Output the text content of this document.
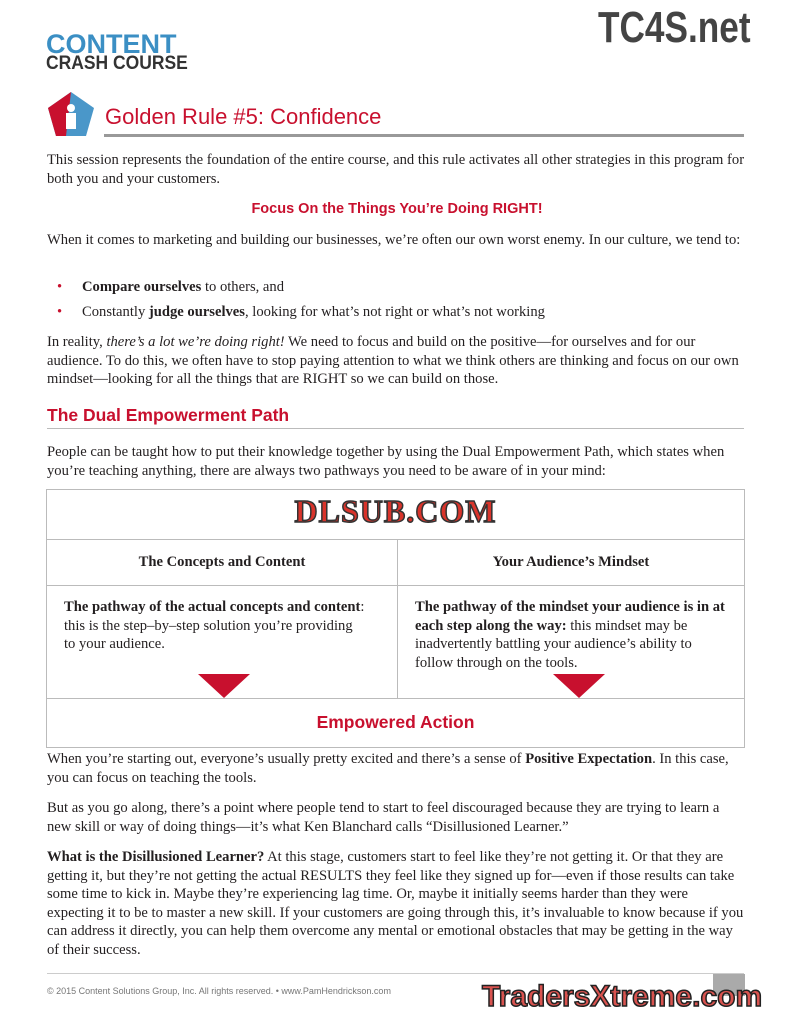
CONTENT
CRASH COURSE
TC4S.net
Golden Rule #5: Confidence

This session represents the foundation of the entire course, and this rule activates all other strategies in this program for both you and your customers.

Focus On the Things You’re Doing RIGHT!

When it comes to marketing and building our businesses, we’re often our own worst enemy. In our culture, we tend to:

• Compare ourselves to others, and
• Constantly judge ourselves, looking for what’s not right or what’s not working

In reality, there’s a lot we’re doing right! We need to focus and build on the positive—for ourselves and for our audience. To do this, we often have to stop paying attention to what we think others are thinking and focus on our own mindset—looking for all the things that are RIGHT so we can build on those.

The Dual Empowerment Path

People can be taught how to put their knowledge together by using the Dual Empowerment Path, which states when you’re teaching anything, there are always two pathways you need to be aware of in your mind:

DLSUB.COM	
The Concepts and Content	Your Audience’s Mindset
The pathway of the actual concepts and content: this is the step–by–step solution you’re providing to your audience.	The pathway of the mindset your audience is in at each step along the way: this mindset may be inadvertently battling your audience’s ability to follow through on the tools.
Empowered Action	

When you’re starting out, everyone’s usually pretty excited and there’s a sense of Positive Expectation. In this case, you can focus on teaching the tools.

But as you go along, there’s a point where people tend to start to feel discouraged because they are trying to learn a new skill or way of doing things—it’s what Ken Blanchard calls “Disillusioned Learner.”

What is the Disillusioned Learner? At this stage, customers start to feel like they’re not getting it. Or that they are getting it, but they’re not getting the actual RESULTS they feel like they signed up for—even if those results can take some time to kick in. Maybe they’re experiencing lag time. Or, maybe it initially seems harder than they were expecting it to be to master a new skill. If your customers are going through this, it’s invaluable to know because if you can address it directly, you can help them overcome any mental or emotional obstacles that may be getting in the way of their success.

© 2015 Content Solutions Group, Inc. All rights reserved. • www.PamHendrickson.com	TradersXtreme.com
